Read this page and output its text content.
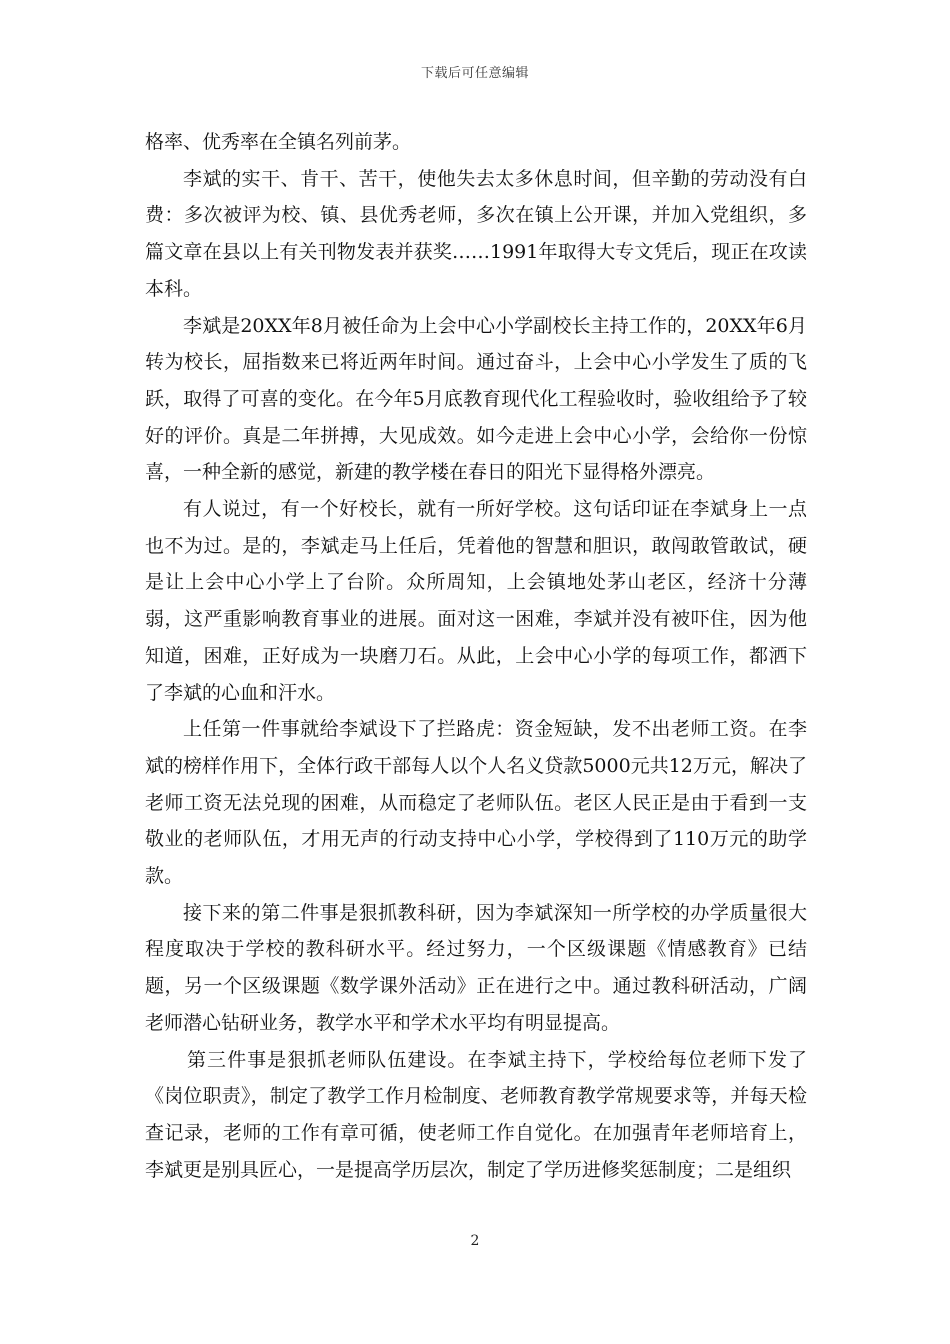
下载后可任意编辑

格率、优秀率在全镇名列前茅。

李斌的实干、肯干、苦干，使他失去太多休息时间，但辛勤的劳动没有白费：多次被评为校、镇、县优秀老师，多次在镇上公开课，并加入党组织，多篇文章在县以上有关刊物发表并获奖……1991年取得大专文凭后，现正在攻读本科。

李斌是20XX年8月被任命为上会中心小学副校长主持工作的，20XX年6月转为校长，屈指数来已将近两年时间。通过奋斗，上会中心小学发生了质的飞跃，取得了可喜的变化。在今年5月底教育现代化工程验收时，验收组给予了较好的评价。真是二年拼搏，大见成效。如今走进上会中心小学，会给你一份惊喜，一种全新的感觉，新建的教学楼在春日的阳光下显得格外漂亮。

有人说过，有一个好校长，就有一所好学校。这句话印证在李斌身上一点也不为过。是的，李斌走马上任后，凭着他的智慧和胆识，敢闯敢管敢试，硬是让上会中心小学上了台阶。众所周知，上会镇地处茅山老区，经济十分薄弱，这严重影响教育事业的进展。面对这一困难，李斌并没有被吓住，因为他知道，困难，正好成为一块磨刀石。从此，上会中心小学的每项工作，都洒下了李斌的心血和汗水。

上任第一件事就给李斌设下了拦路虎：资金短缺，发不出老师工资。在李斌的榜样作用下，全体行政干部每人以个人名义贷款5000元共12万元，解决了老师工资无法兑现的困难，从而稳定了老师队伍。老区人民正是由于看到一支敬业的老师队伍，才用无声的行动支持中心小学，学校得到了110万元的助学款。

接下来的第二件事是狠抓教科研，因为李斌深知一所学校的办学质量很大程度取决于学校的教科研水平。经过努力，一个区级课题《情感教育》已结题，另一个区级课题《数学课外活动》正在进行之中。通过教科研活动，广阔老师潜心钻研业务，教学水平和学术水平均有明显提高。

第三件事是狠抓老师队伍建设。在李斌主持下，学校给每位老师下发了《岗位职责》，制定了教学工作月检制度、老师教育教学常规要求等，并每天检查记录，老师的工作有章可循，使老师工作自觉化。在加强青年老师培育上，李斌更是别具匠心，一是提高学历层次，制定了学历进修奖惩制度；二是组织

2
